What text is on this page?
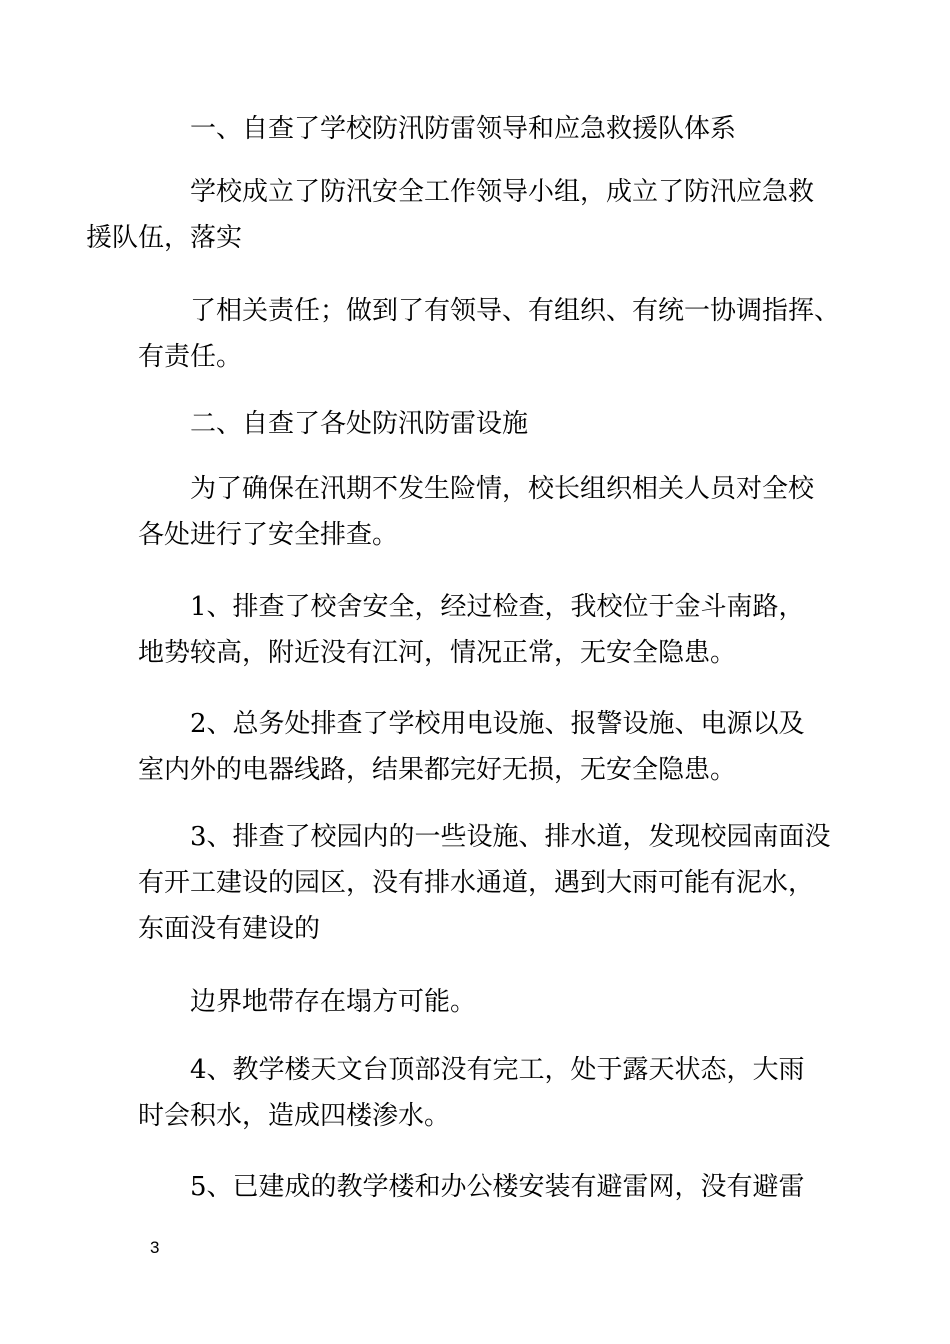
一、自查了学校防汛防雷领导和应急救援队体系

学校成立了防汛安全工作领导小组，成立了防汛应急救
援队伍，落实

了相关责任；做到了有领导、有组织、有统一协调指挥、
有责任。

二、自查了各处防汛防雷设施

为了确保在汛期不发生险情，校长组织相关人员对全校
各处进行了安全排查。

1、排查了校舍安全，经过检查，我校位于金斗南路，
地势较高，附近没有江河，情况正常，无安全隐患。

2、总务处排查了学校用电设施、报警设施、电源以及
室内外的电器线路，结果都完好无损，无安全隐患。

3、排查了校园内的一些设施、排水道，发现校园南面没
有开工建设的园区，没有排水通道，遇到大雨可能有泥水，
东面没有建设的

边界地带存在塌方可能。

4、教学楼天文台顶部没有完工，处于露天状态，大雨
时会积水，造成四楼渗水。

5、已建成的教学楼和办公楼安装有避雷网，没有避雷

3
